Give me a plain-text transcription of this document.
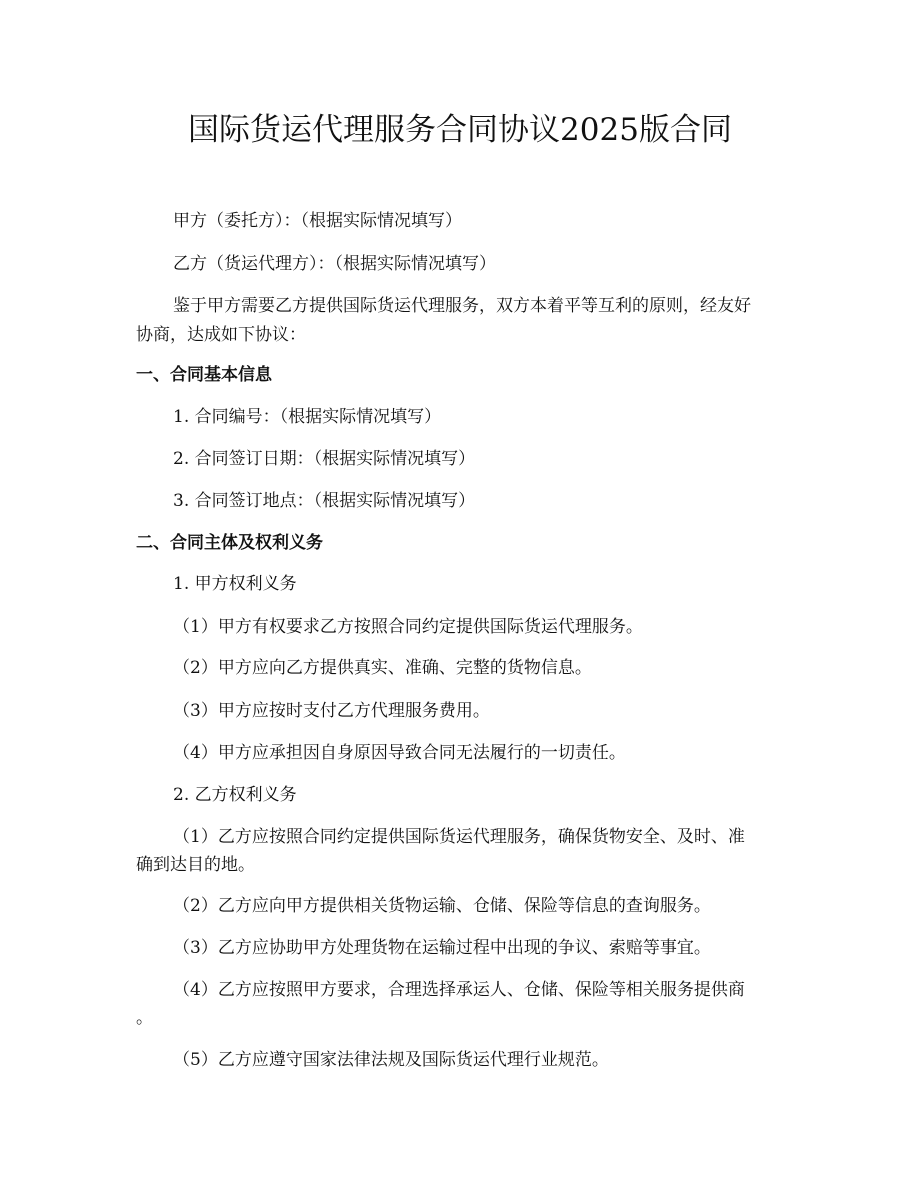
国际货运代理服务合同协议2025版合同

甲方（委托方）：（根据实际情况填写）

乙方（货运代理方）：（根据实际情况填写）

鉴于甲方需要乙方提供国际货运代理服务，双方本着平等互利的原则，经友好

协商，达成如下协议：

一、合同基本信息

1. 合同编号：（根据实际情况填写）

2. 合同签订日期：（根据实际情况填写）

3. 合同签订地点：（根据实际情况填写）

二、合同主体及权利义务

1. 甲方权利义务

（1）甲方有权要求乙方按照合同约定提供国际货运代理服务。

（2）甲方应向乙方提供真实、准确、完整的货物信息。

（3）甲方应按时支付乙方代理服务费用。

（4）甲方应承担因自身原因导致合同无法履行的一切责任。

2. 乙方权利义务

（1）乙方应按照合同约定提供国际货运代理服务，确保货物安全、及时、准

确到达目的地。

（2）乙方应向甲方提供相关货物运输、仓储、保险等信息的查询服务。

（3）乙方应协助甲方处理货物在运输过程中出现的争议、索赔等事宜。

（4）乙方应按照甲方要求，合理选择承运人、仓储、保险等相关服务提供商

。

（5）乙方应遵守国家法律法规及国际货运代理行业规范。
